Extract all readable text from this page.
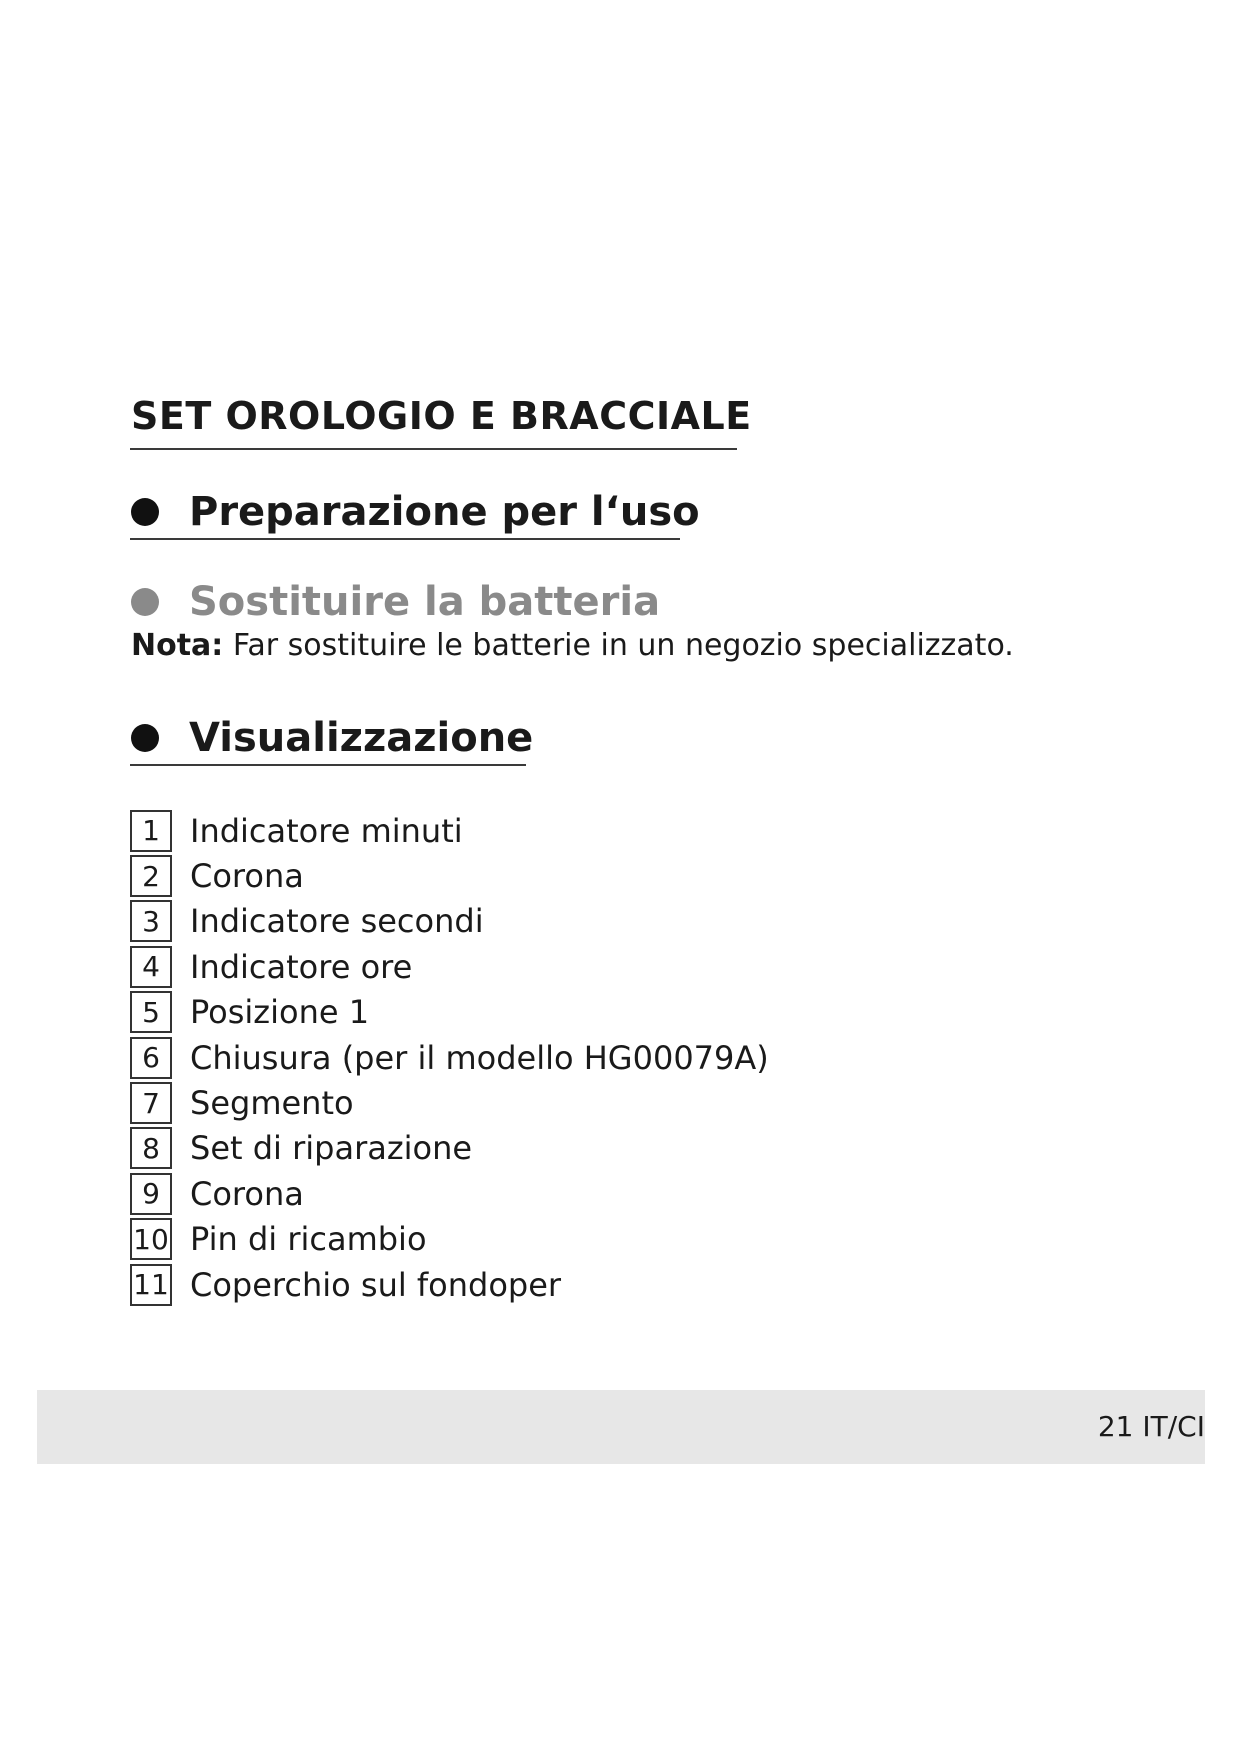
SET OROLOGIO E BRACCIALE
Preparazione per l‘uso
Sostituire la batteria

Nota: Far sostituire le batterie in un negozio specializzato.

Visualizzazione
1 Indicatore minuti
2 Corona
3 Indicatore secondi
4 Indicatore ore
5 Posizione 1
6 Chiusura (per il modello HG00079A)
7 Segmento
8 Set di riparazione
9 Corona
10 Pin di ricambio
11 Coperchio sul fondoper
21 IT/CI
